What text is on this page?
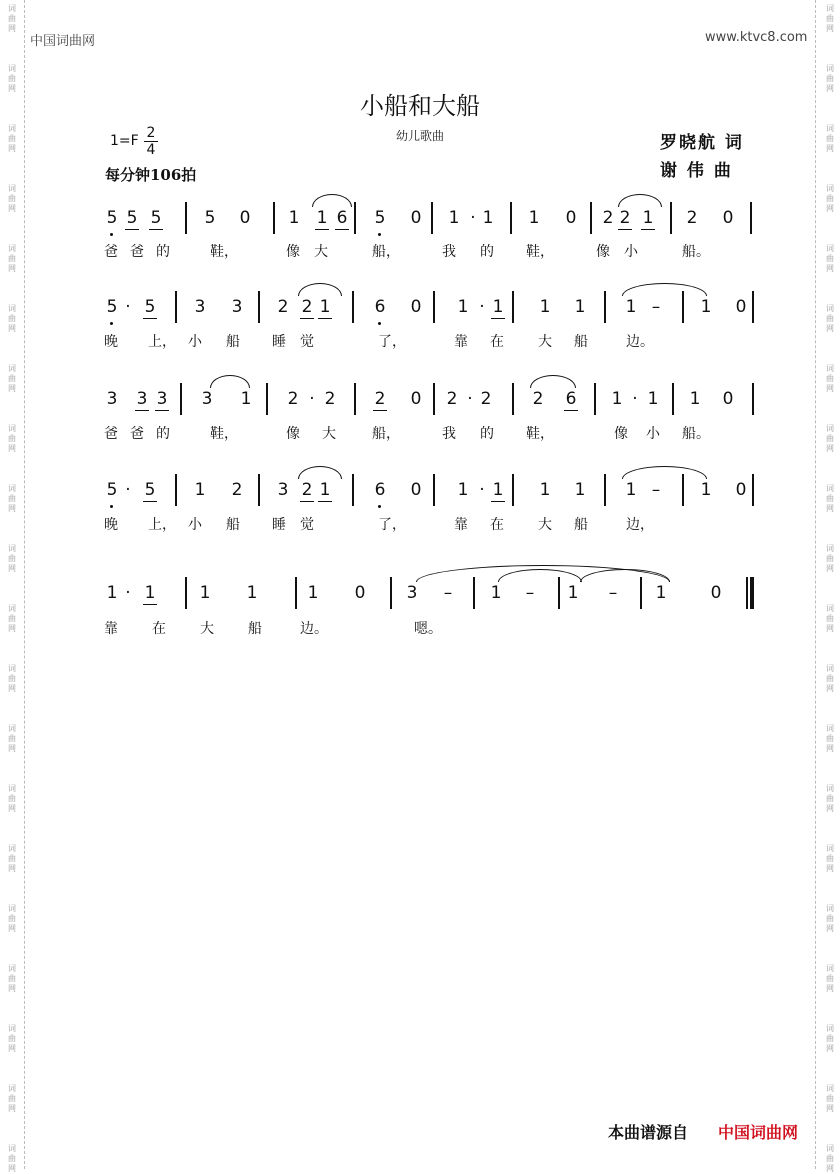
词
曲
网
词
曲
网
词
曲
网
词
曲
网
词
曲
网
词
曲
网
词
曲
网
词
曲
网
词
曲
网
词
曲
网
词
曲
网
词
曲
网
词
曲
网
词
曲
网
词
曲
网
词
曲
网
词
曲
网
词
曲
网
词
曲
网
词
曲
网
词
曲
网
词
曲
网
词
曲
网
词
曲
网
词
曲
网
词
曲
网
词
曲
网
词
曲
网
词
曲
网
词
曲
网
词
曲
网
词
曲
网
词
曲
网
词
曲
网
词
曲
网
词
曲
网
词
曲
网
词
曲
网
词
曲
网
词
曲
网
中国词曲网	www.ktvc8.com
小船和大船
幼儿歌曲	罗晓航 词
谢 伟 曲
1=F 2
4
每分钟106拍
5 5 5	5 0 1 1 6 5 0 1 · 1 1 0 2 2 1 2 0
爸 爸 的	鞋，	像 大	船，	我 的 鞋，	像 小	船。
5 · 5 3 3 2 2 1	6 0 1 · 1 1 1 1 – 1 0
晚 上， 小 船 睡 觉	了，	靠 在 大 船	边。
3 3 3 3 1 2 · 2 2 0 2 · 2 2 6 1 · 1 1 0
爸 爸 的	鞋，	像 大	船，	我 的 鞋，	像 小 船。
5 · 5 1 2 3 2 1	6 0 1 · 1 1 1 1 – 1 0
晚 上， 小 船 睡 觉	了，	靠 在 大 船	边，
1 · 1	1 1	1 0 3 – 1 – 1 – 1	0
靠 在 大 船	边。	嗯。
本曲谱源自 中国词曲网
